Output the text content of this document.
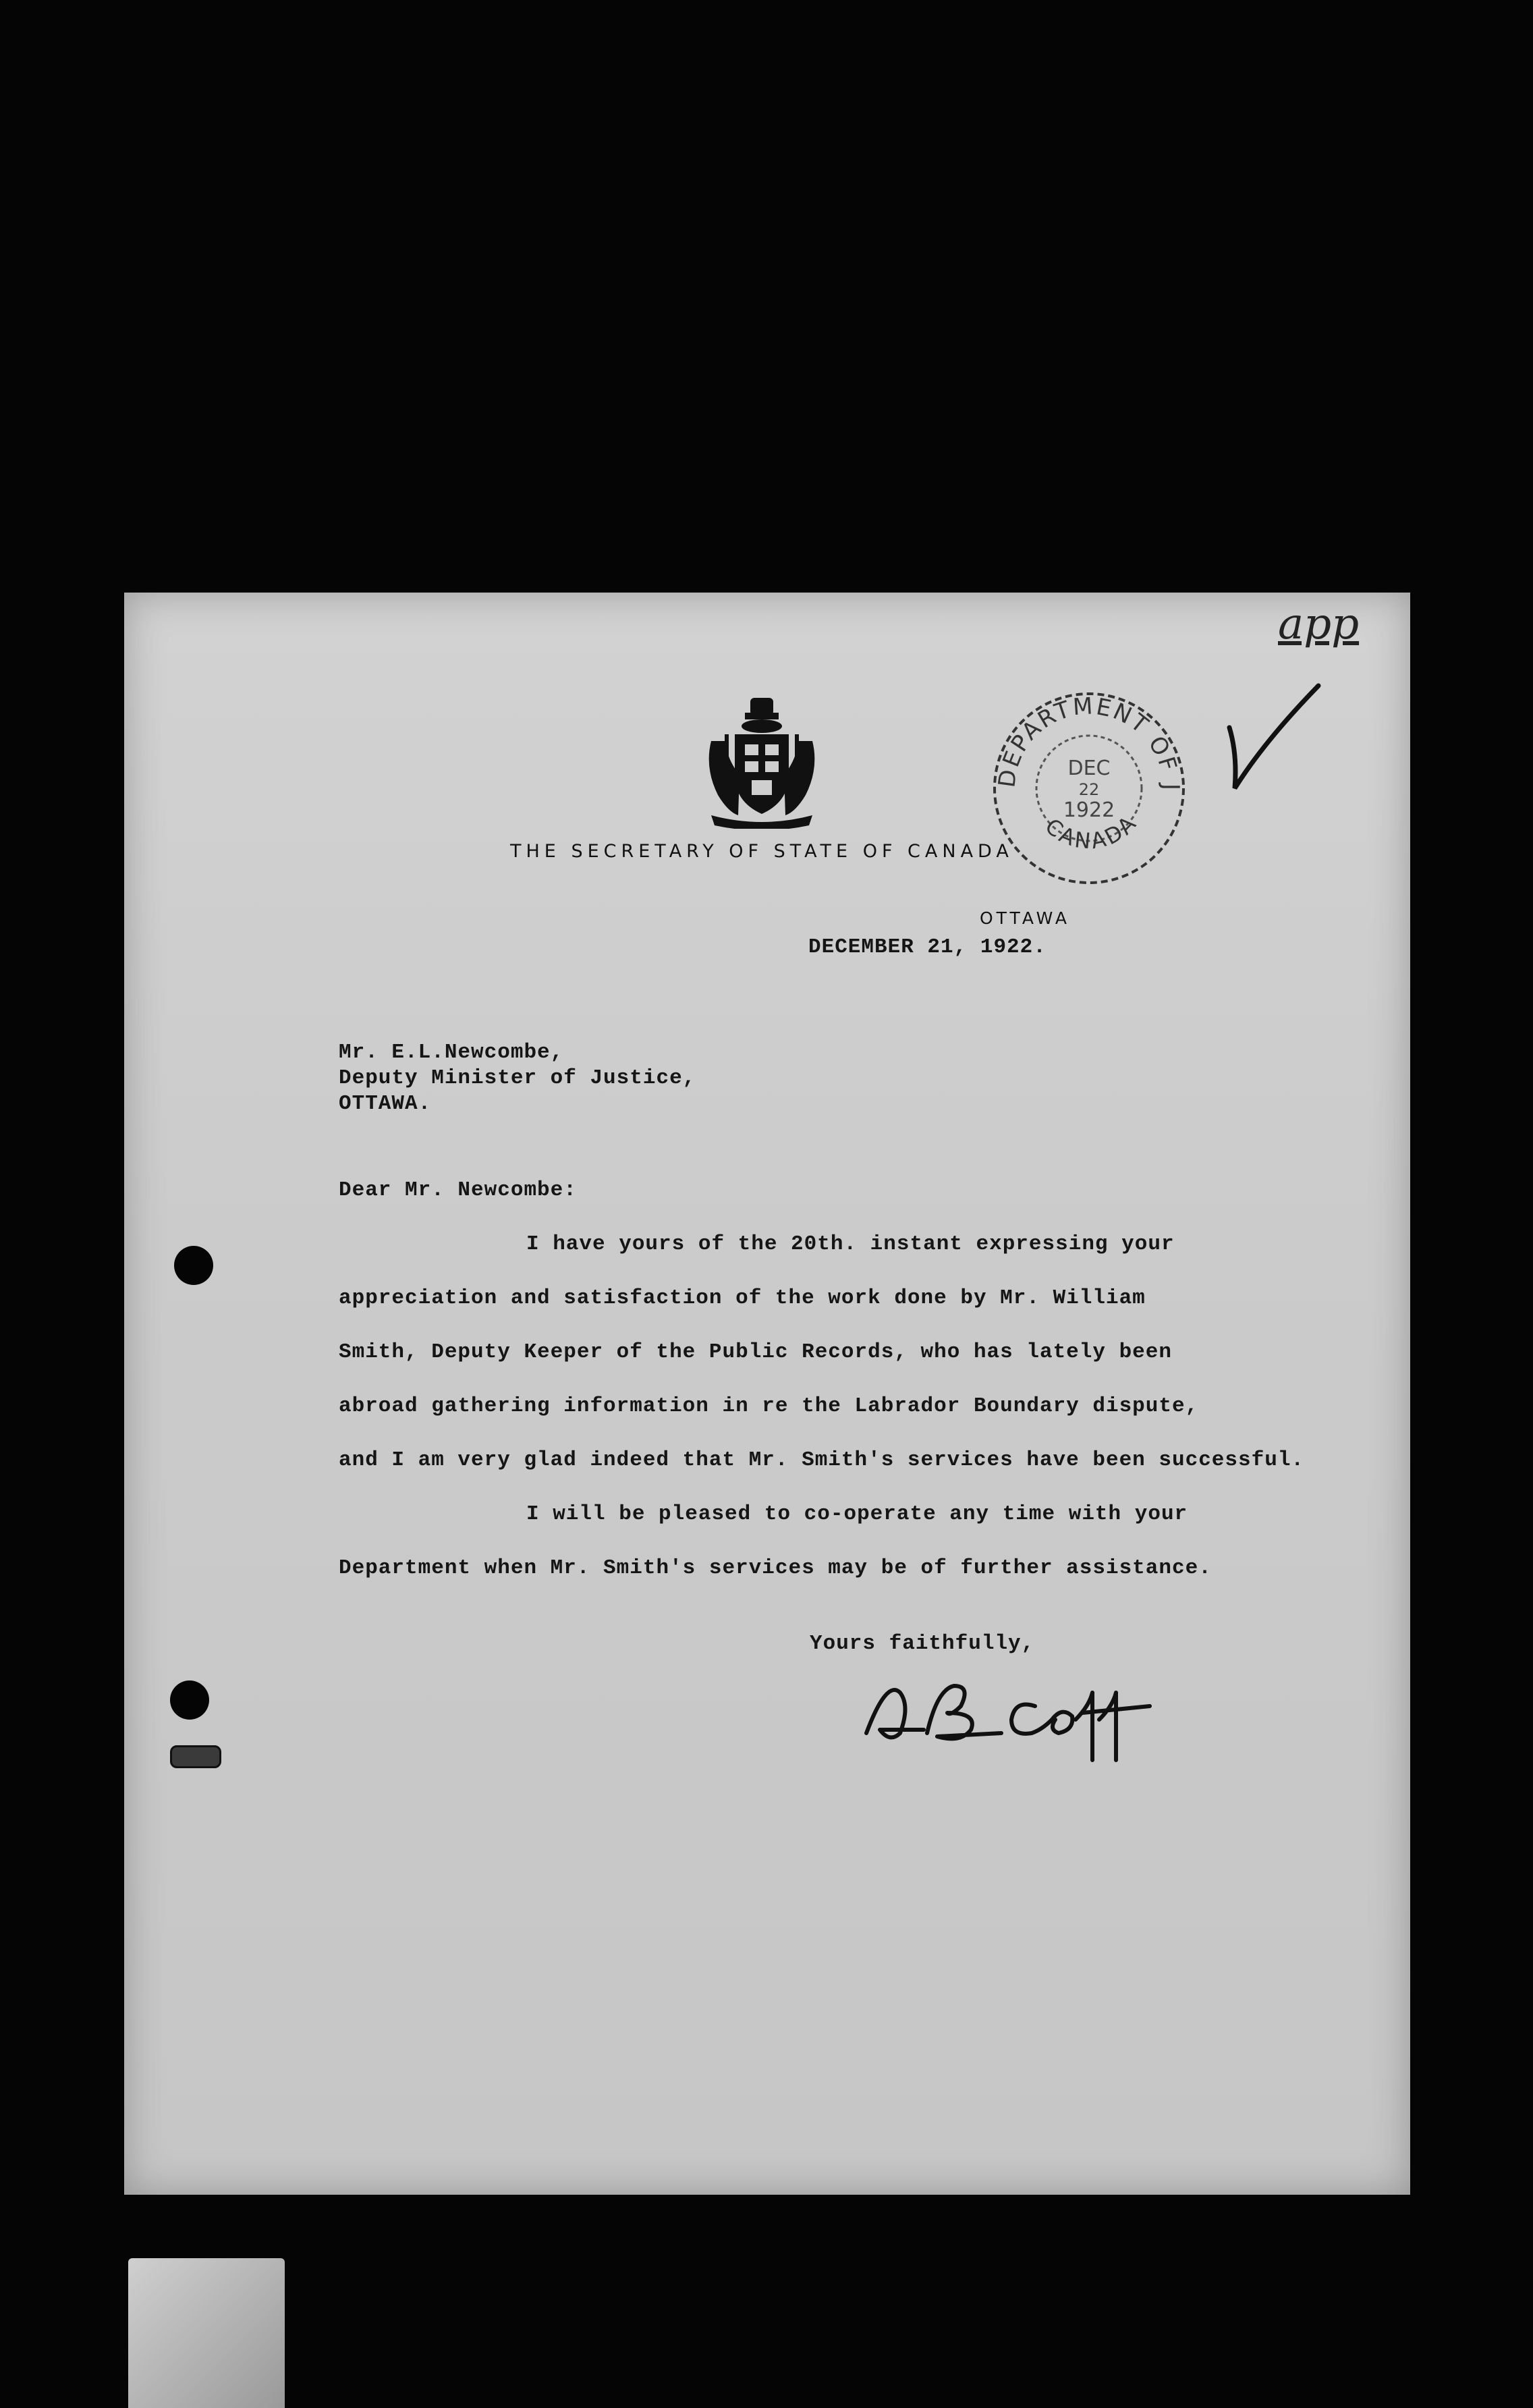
THE SECRETARY OF STATE OF CANADA
OTTAWA
DECEMBER 21, 1922.
DEPARTMENT OF J
CANADA
DEC
22
1922
app
Mr. E.L.Newcombe,
Deputy Minister of Justice,
OTTAWA.
Dear Mr. Newcombe:
I have yours of the 20th. instant expressing your
appreciation and satisfaction of the work done by Mr. William
Smith, Deputy Keeper of the Public Records, who has lately been
abroad gathering information in re the Labrador Boundary dispute,
and I am very glad indeed that Mr. Smith's services have been successful.
I will be pleased to co-operate any time with your
Department when Mr. Smith's services may be of further assistance.
Yours faithfully,
